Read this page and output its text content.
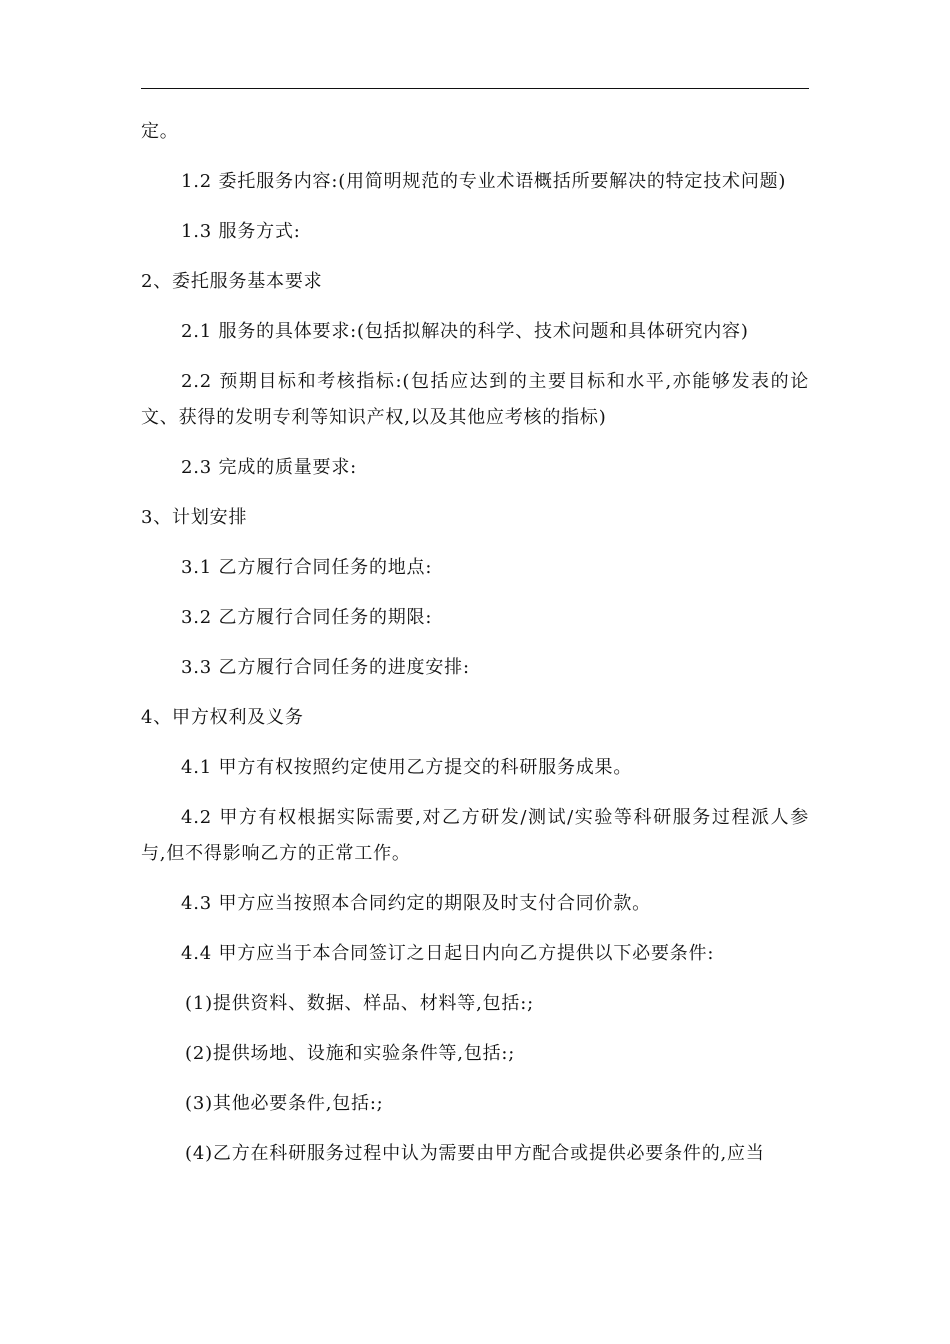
定。

1.2 委托服务内容:(用简明规范的专业术语概括所要解决的特定技术问题)

1.3 服务方式:

2、委托服务基本要求

2.1 服务的具体要求:(包括拟解决的科学、技术问题和具体研究内容)

2.2 预期目标和考核指标:(包括应达到的主要目标和水平,亦能够发表的论文、获得的发明专利等知识产权,以及其他应考核的指标)

2.3 完成的质量要求:

3、计划安排

3.1 乙方履行合同任务的地点:

3.2 乙方履行合同任务的期限:

3.3 乙方履行合同任务的进度安排:

4、甲方权利及义务

4.1 甲方有权按照约定使用乙方提交的科研服务成果。

4.2 甲方有权根据实际需要,对乙方研发/测试/实验等科研服务过程派人参与,但不得影响乙方的正常工作。

4.3 甲方应当按照本合同约定的期限及时支付合同价款。

4.4 甲方应当于本合同签订之日起日内向乙方提供以下必要条件:

(1)提供资料、数据、样品、材料等,包括:;

(2)提供场地、设施和实验条件等,包括:;

(3)其他必要条件,包括:;

(4)乙方在科研服务过程中认为需要由甲方配合或提供必要条件的,应当
